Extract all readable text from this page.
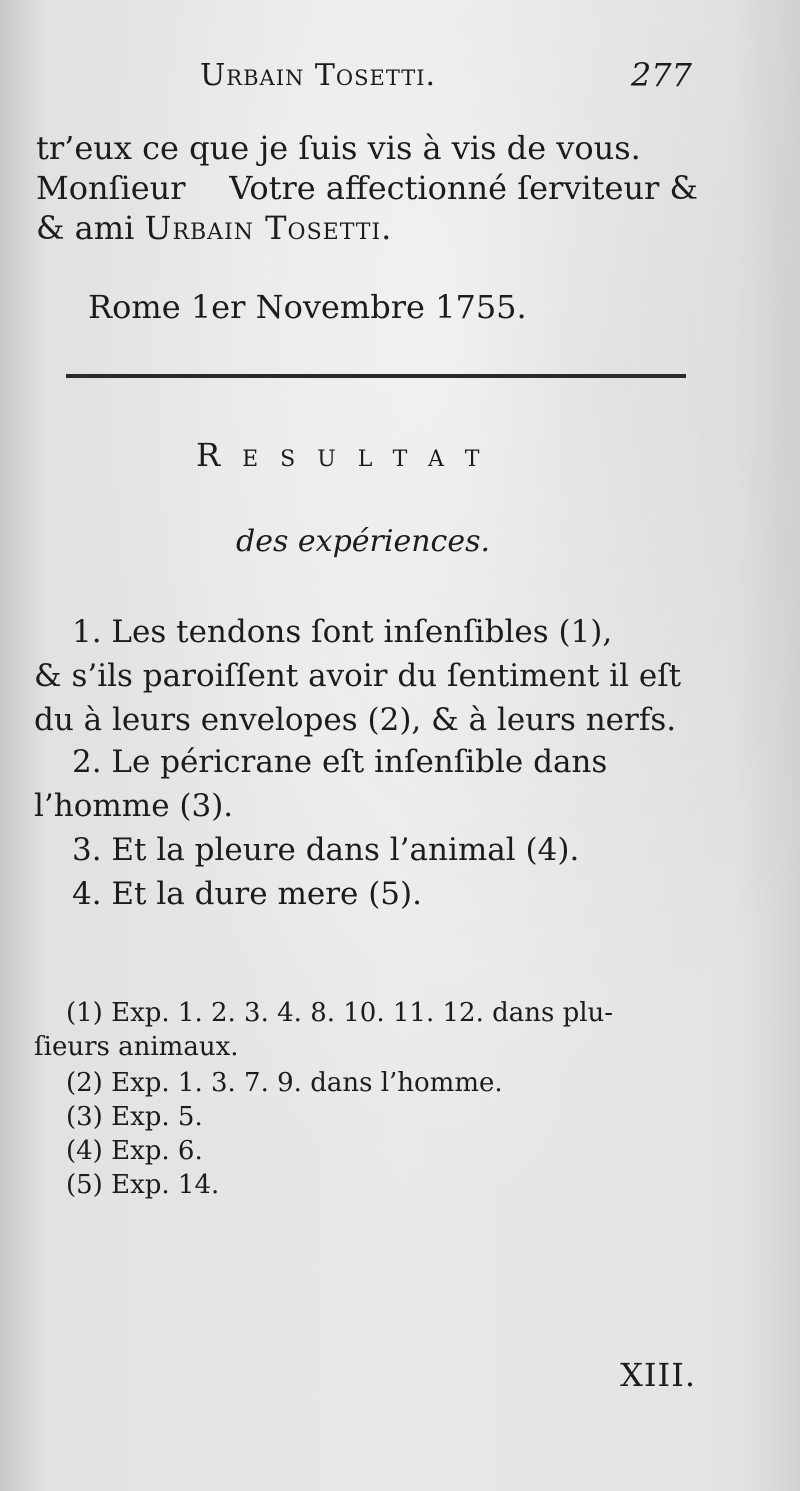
Urbain Tosetti.	277
tr’eux ce que je ſuis vis à vis de vous.
Monſieur Votre affectionné ſerviteur &
& ami Urbain Tosetti.
Rome 1er Novembre 1755.
Resultat
des expériences.
1. Les tendons ſont inſenſibles (1),
& s’ils paroiſſent avoir du ſentiment il eſt
du à leurs envelopes (2), & à leurs nerfs.
2. Le péricrane eſt inſenſible dans
l’homme (3).
3. Et la pleure dans l’animal (4).
4. Et la dure mere (5).
(1) Exp. 1. 2. 3. 4. 8. 10. 11. 12. dans plu-
ſieurs animaux.
(2) Exp. 1. 3. 7. 9. dans l’homme.
(3) Exp. 5.
(4) Exp. 6.
(5) Exp. 14.
XIII.
